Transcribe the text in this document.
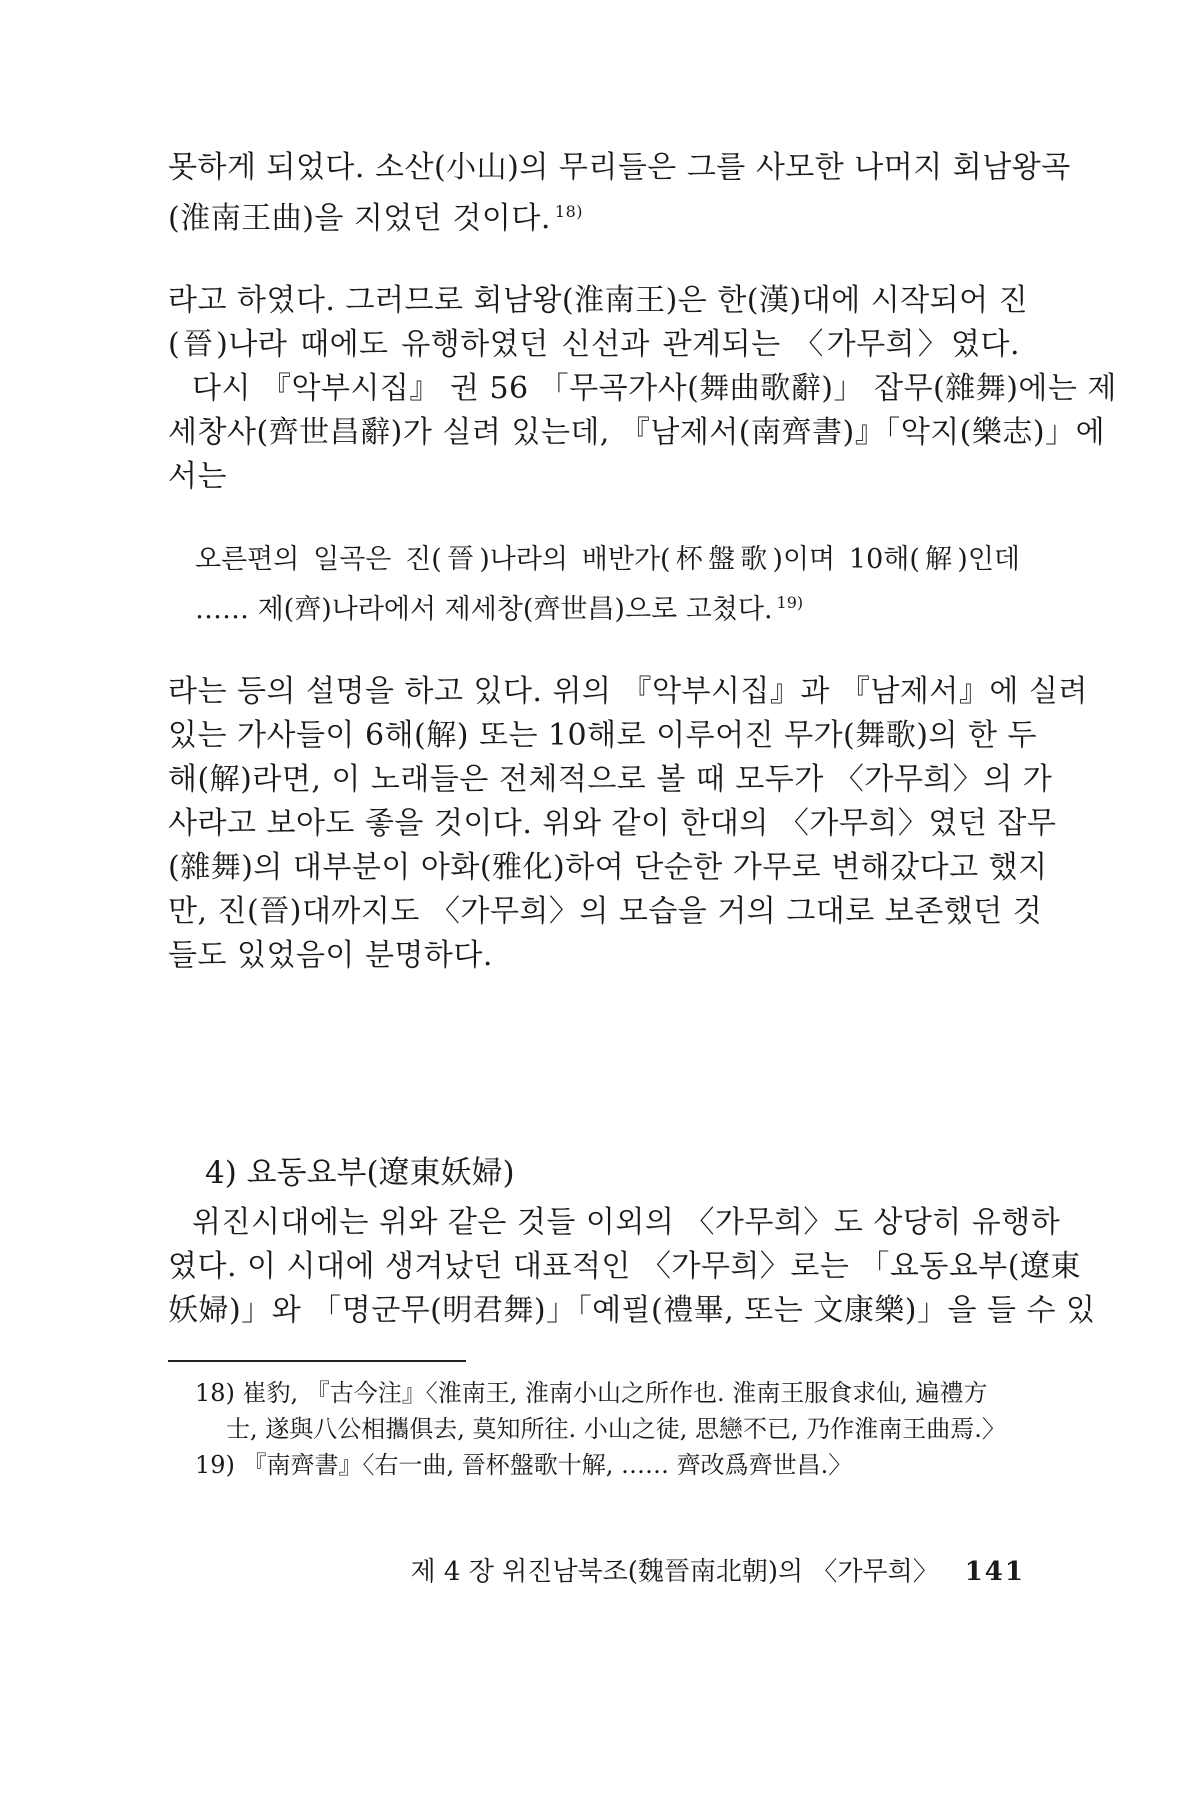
못하게 되었다. 소산(小山)의 무리들은 그를 사모한 나머지 회남왕곡
(淮南王曲)을 지었던 것이다. $^{18)}$
라고 하였다. 그러므로 회남왕(淮南王)은 한(漢)대에 시작되어 진
(晉)나라 때에도 유행하였던 신선과 관계되는 〈가무희〉였다.
다시 『악부시집』 권 56 「무곡가사(舞曲歌辭)」 잡무(雜舞)에는 제
세창사(齊世昌辭)가 실려 있는데, 『남제서(南齊書)』「악지(樂志)」에
서는
오른편의 일곡은 진(晉)나라의 배반가(杯盤歌)이며 10해(解)인데
…… 제(齊)나라에서 제세창(齊世昌)으로 고쳤다. $^{19)}$
라는 등의 설명을 하고 있다. 위의 『악부시집』과 『남제서』에 실려
있는 가사들이 6해(解) 또는 10해로 이루어진 무가(舞歌)의 한 두
해(解)라면, 이 노래들은 전체적으로 볼 때 모두가 〈가무희〉의 가
사라고 보아도 좋을 것이다. 위와 같이 한대의 〈가무희〉였던 잡무
(雜舞)의 대부분이 아화(雅化)하여 단순한 가무로 변해갔다고 했지
만, 진(晉)대까지도 〈가무희〉의 모습을 거의 그대로 보존했던 것
들도 있었음이 분명하다.
4) 요동요부(遼東妖婦)
위진시대에는 위와 같은 것들 이외의 〈가무희〉도 상당히 유행하
였다. 이 시대에 생겨났던 대표적인 〈가무희〉로는 「요동요부(遼東
妖婦)」와 「명군무(明君舞)」「예필(禮畢, 또는 文康樂)」을 들 수 있
18) 崔豹, 『古今注』〈淮南王, 淮南小山之所作也. 淮南王服食求仙, 遍禮方
士, 遂與八公相攜俱去, 莫知所往. 小山之徒, 思戀不已, 乃作淮南王曲焉.〉
19) 『南齊書』〈右一曲, 晉杯盤歌十解, …… 齊改爲齊世昌.〉
제 4 장 위진남북조(魏晉南北朝)의 〈가무희〉 141
